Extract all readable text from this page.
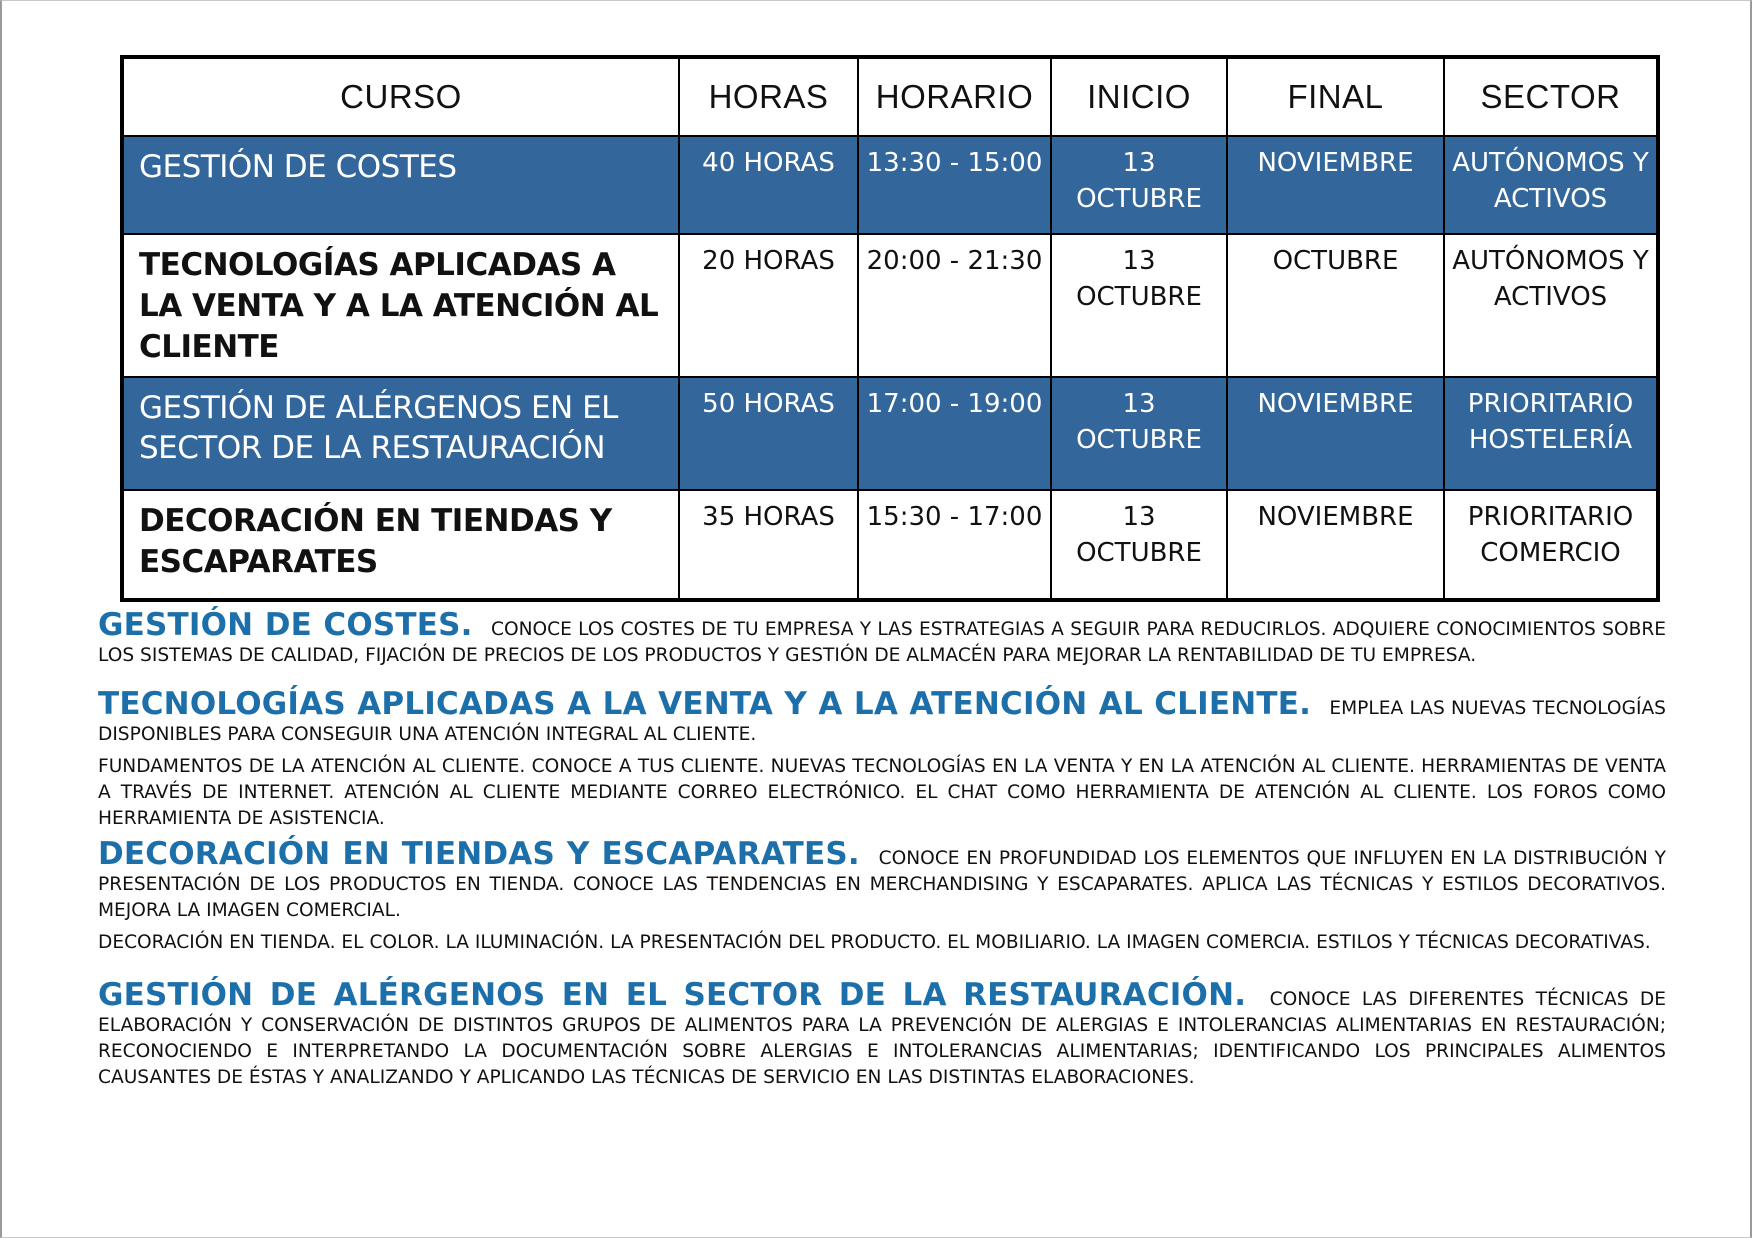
CURSO	HORAS	HORARIO	INICIO	FINAL	SECTOR
GESTIÓN DE COSTES	40 HORAS	13:30 - 15:00	13 OCTUBRE	NOVIEMBRE	AUTÓNOMOS Y ACTIVOS
TECNOLOGÍAS APLICADAS A LA VENTA Y A LA ATENCIÓN AL CLIENTE	20 HORAS	20:00 - 21:30	13 OCTUBRE	OCTUBRE	AUTÓNOMOS Y ACTIVOS
GESTIÓN DE ALÉRGENOS EN EL SECTOR DE LA RESTAURACIÓN	50 HORAS	17:00 - 19:00	13 OCTUBRE	NOVIEMBRE	PRIORITARIO HOSTELERÍA
DECORACIÓN EN TIENDAS Y ESCAPARATES	35 HORAS	15:30 - 17:00	13 OCTUBRE	NOVIEMBRE	PRIORITARIO COMERCIO

GESTIÓN DE COSTES. CONOCE LOS COSTES DE TU EMPRESA Y LAS ESTRATEGIAS A SEGUIR PARA REDUCIRLOS. ADQUIERE CONOCIMIENTOS SOBRE LOS SISTEMAS DE CALIDAD, FIJACIÓN DE PRECIOS DE LOS PRODUCTOS Y GESTIÓN DE ALMACÉN PARA MEJORAR LA RENTABILIDAD DE TU EMPRESA.

TECNOLOGÍAS APLICADAS A LA VENTA Y A LA ATENCIÓN AL CLIENTE. EMPLEA LAS NUEVAS TECNOLOGÍAS DISPONIBLES PARA CONSEGUIR UNA ATENCIÓN INTEGRAL AL CLIENTE.

FUNDAMENTOS DE LA ATENCIÓN AL CLIENTE. CONOCE A TUS CLIENTE. NUEVAS TECNOLOGÍAS EN LA VENTA Y EN LA ATENCIÓN AL CLIENTE. HERRAMIENTAS DE VENTA A TRAVÉS DE INTERNET. ATENCIÓN AL CLIENTE MEDIANTE CORREO ELECTRÓNICO. EL CHAT COMO HERRAMIENTA DE ATENCIÓN AL CLIENTE. LOS FOROS COMO HERRAMIENTA DE ASISTENCIA.

DECORACIÓN EN TIENDAS Y ESCAPARATES. CONOCE EN PROFUNDIDAD LOS ELEMENTOS QUE INFLUYEN EN LA DISTRIBUCIÓN Y PRESENTACIÓN DE LOS PRODUCTOS EN TIENDA. CONOCE LAS TENDENCIAS EN MERCHANDISING Y ESCAPARATES. APLICA LAS TÉCNICAS Y ESTILOS DECORATIVOS. MEJORA LA IMAGEN COMERCIAL.

DECORACIÓN EN TIENDA. EL COLOR. LA ILUMINACIÓN. LA PRESENTACIÓN DEL PRODUCTO. EL MOBILIARIO. LA IMAGEN COMERCIA. ESTILOS Y TÉCNICAS DECORATIVAS.

GESTIÓN DE ALÉRGENOS EN EL SECTOR DE LA RESTAURACIÓN. CONOCE LAS DIFERENTES TÉCNICAS DE ELABORACIÓN Y CONSERVACIÓN DE DISTINTOS GRUPOS DE ALIMENTOS PARA LA PREVENCIÓN DE ALERGIAS E INTOLERANCIAS ALIMENTARIAS EN RESTAURACIÓN; RECONOCIENDO E INTERPRETANDO LA DOCUMENTACIÓN SOBRE ALERGIAS E INTOLERANCIAS ALIMENTARIAS; IDENTIFICANDO LOS PRINCIPALES ALIMENTOS CAUSANTES DE ÉSTAS Y ANALIZANDO Y APLICANDO LAS TÉCNICAS DE SERVICIO EN LAS DISTINTAS ELABORACIONES.
